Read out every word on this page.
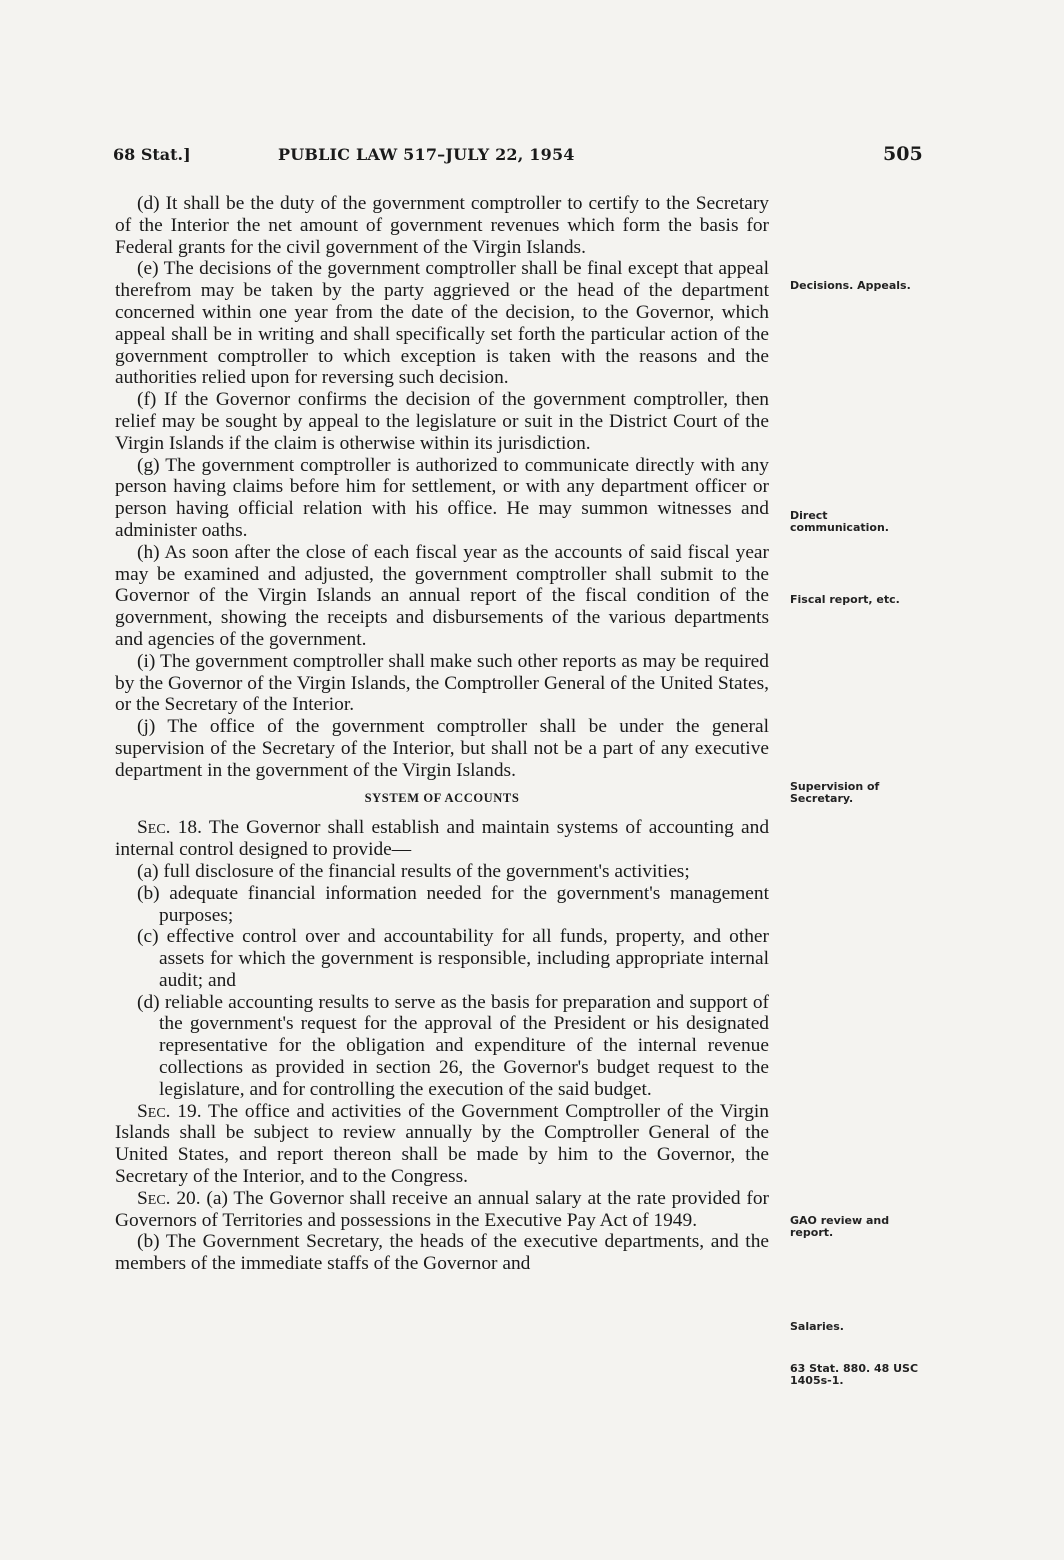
68 Stat.]	PUBLIC LAW 517–JULY 22, 1954	505

(d) It shall be the duty of the government comptroller to certify to the Secretary of the Interior the net amount of government revenues which form the basis for Federal grants for the civil government of the Virgin Islands.

(e) The decisions of the government comptroller shall be final except that appeal therefrom may be taken by the party aggrieved or the head of the department concerned within one year from the date of the decision, to the Governor, which appeal shall be in writing and shall specifically set forth the particular action of the government comptroller to which exception is taken with the reasons and the authorities relied upon for reversing such decision.

(f) If the Governor confirms the decision of the government comptroller, then relief may be sought by appeal to the legislature or suit in the District Court of the Virgin Islands if the claim is otherwise within its jurisdiction.

(g) The government comptroller is authorized to communicate directly with any person having claims before him for settlement, or with any department officer or person having official relation with his office. He may summon witnesses and administer oaths.

(h) As soon after the close of each fiscal year as the accounts of said fiscal year may be examined and adjusted, the government comptroller shall submit to the Governor of the Virgin Islands an annual report of the fiscal condition of the government, showing the receipts and disbursements of the various departments and agencies of the government.

(i) The government comptroller shall make such other reports as may be required by the Governor of the Virgin Islands, the Comptroller General of the United States, or the Secretary of the Interior.

(j) The office of the government comptroller shall be under the general supervision of the Secretary of the Interior, but shall not be a part of any executive department in the government of the Virgin Islands.

SYSTEM OF ACCOUNTS

Sec. 18. The Governor shall establish and maintain systems of accounting and internal control designed to provide—

(a) full disclosure of the financial results of the government's activities;

(b) adequate financial information needed for the government's management purposes;

(c) effective control over and accountability for all funds, property, and other assets for which the government is responsible, including appropriate internal audit; and

(d) reliable accounting results to serve as the basis for preparation and support of the government's request for the approval of the President or his designated representative for the obligation and expenditure of the internal revenue collections as provided in section 26, the Governor's budget request to the legislature, and for controlling the execution of the said budget.

Sec. 19. The office and activities of the Government Comptroller of the Virgin Islands shall be subject to review annually by the Comptroller General of the United States, and report thereon shall be made by him to the Governor, the Secretary of the Interior, and to the Congress.

Sec. 20. (a) The Governor shall receive an annual salary at the rate provided for Governors of Territories and possessions in the Executive Pay Act of 1949.

(b) The Government Secretary, the heads of the executive departments, and the members of the immediate staffs of the Governor and

Decisions. Appeals.
Direct communication.
Fiscal report, etc.
Supervision of Secretary.
GAO review and report.
Salaries.
63 Stat. 880. 48 USC 1405s-1.
